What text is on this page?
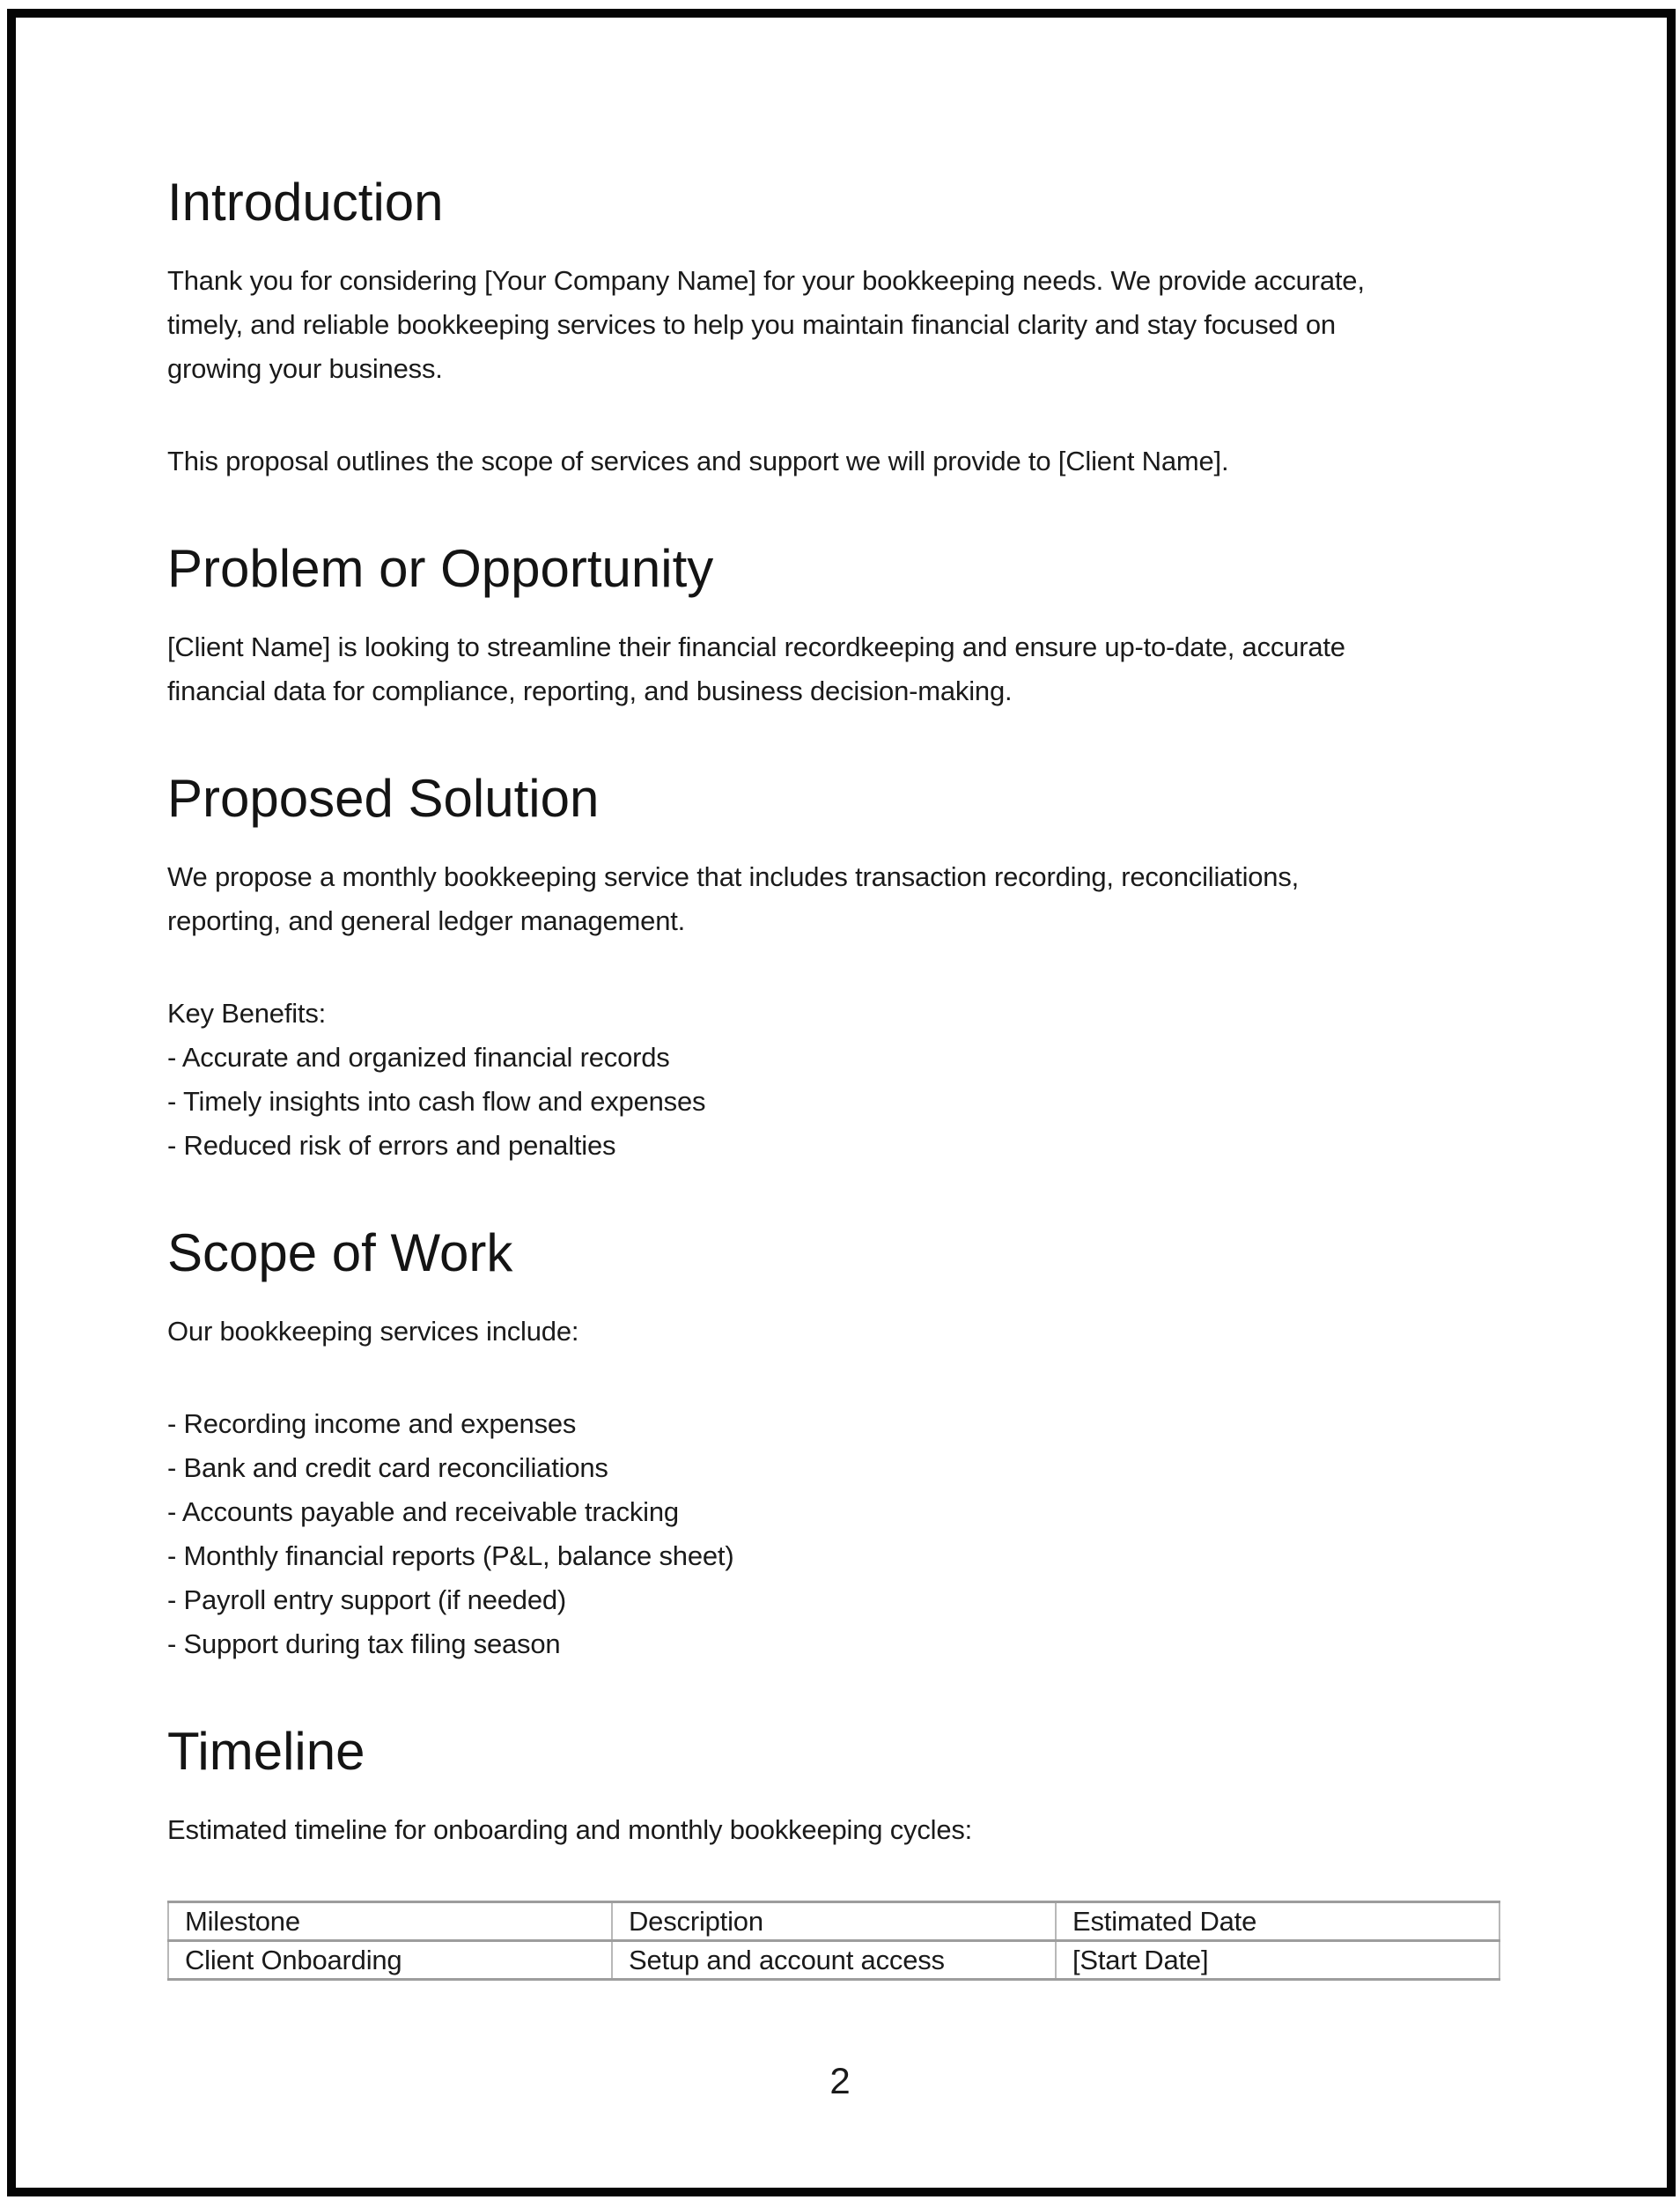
Introduction
Thank you for considering [Your Company Name] for your bookkeeping needs. We provide accurate,
timely, and reliable bookkeeping services to help you maintain financial clarity and stay focused on
growing your business.
This proposal outlines the scope of services and support we will provide to [Client Name].
Problem or Opportunity
[Client Name] is looking to streamline their financial recordkeeping and ensure up-to-date, accurate
financial data for compliance, reporting, and business decision-making.
Proposed Solution
We propose a monthly bookkeeping service that includes transaction recording, reconciliations,
reporting, and general ledger management.
Key Benefits:
- Accurate and organized financial records
- Timely insights into cash flow and expenses
- Reduced risk of errors and penalties
Scope of Work
Our bookkeeping services include:
- Recording income and expenses
- Bank and credit card reconciliations
- Accounts payable and receivable tracking
- Monthly financial reports (P&L, balance sheet)
- Payroll entry support (if needed)
- Support during tax filing season
Timeline
Estimated timeline for onboarding and monthly bookkeeping cycles:
Milestone	Description	Estimated Date
Client Onboarding	Setup and account access	[Start Date]
2
